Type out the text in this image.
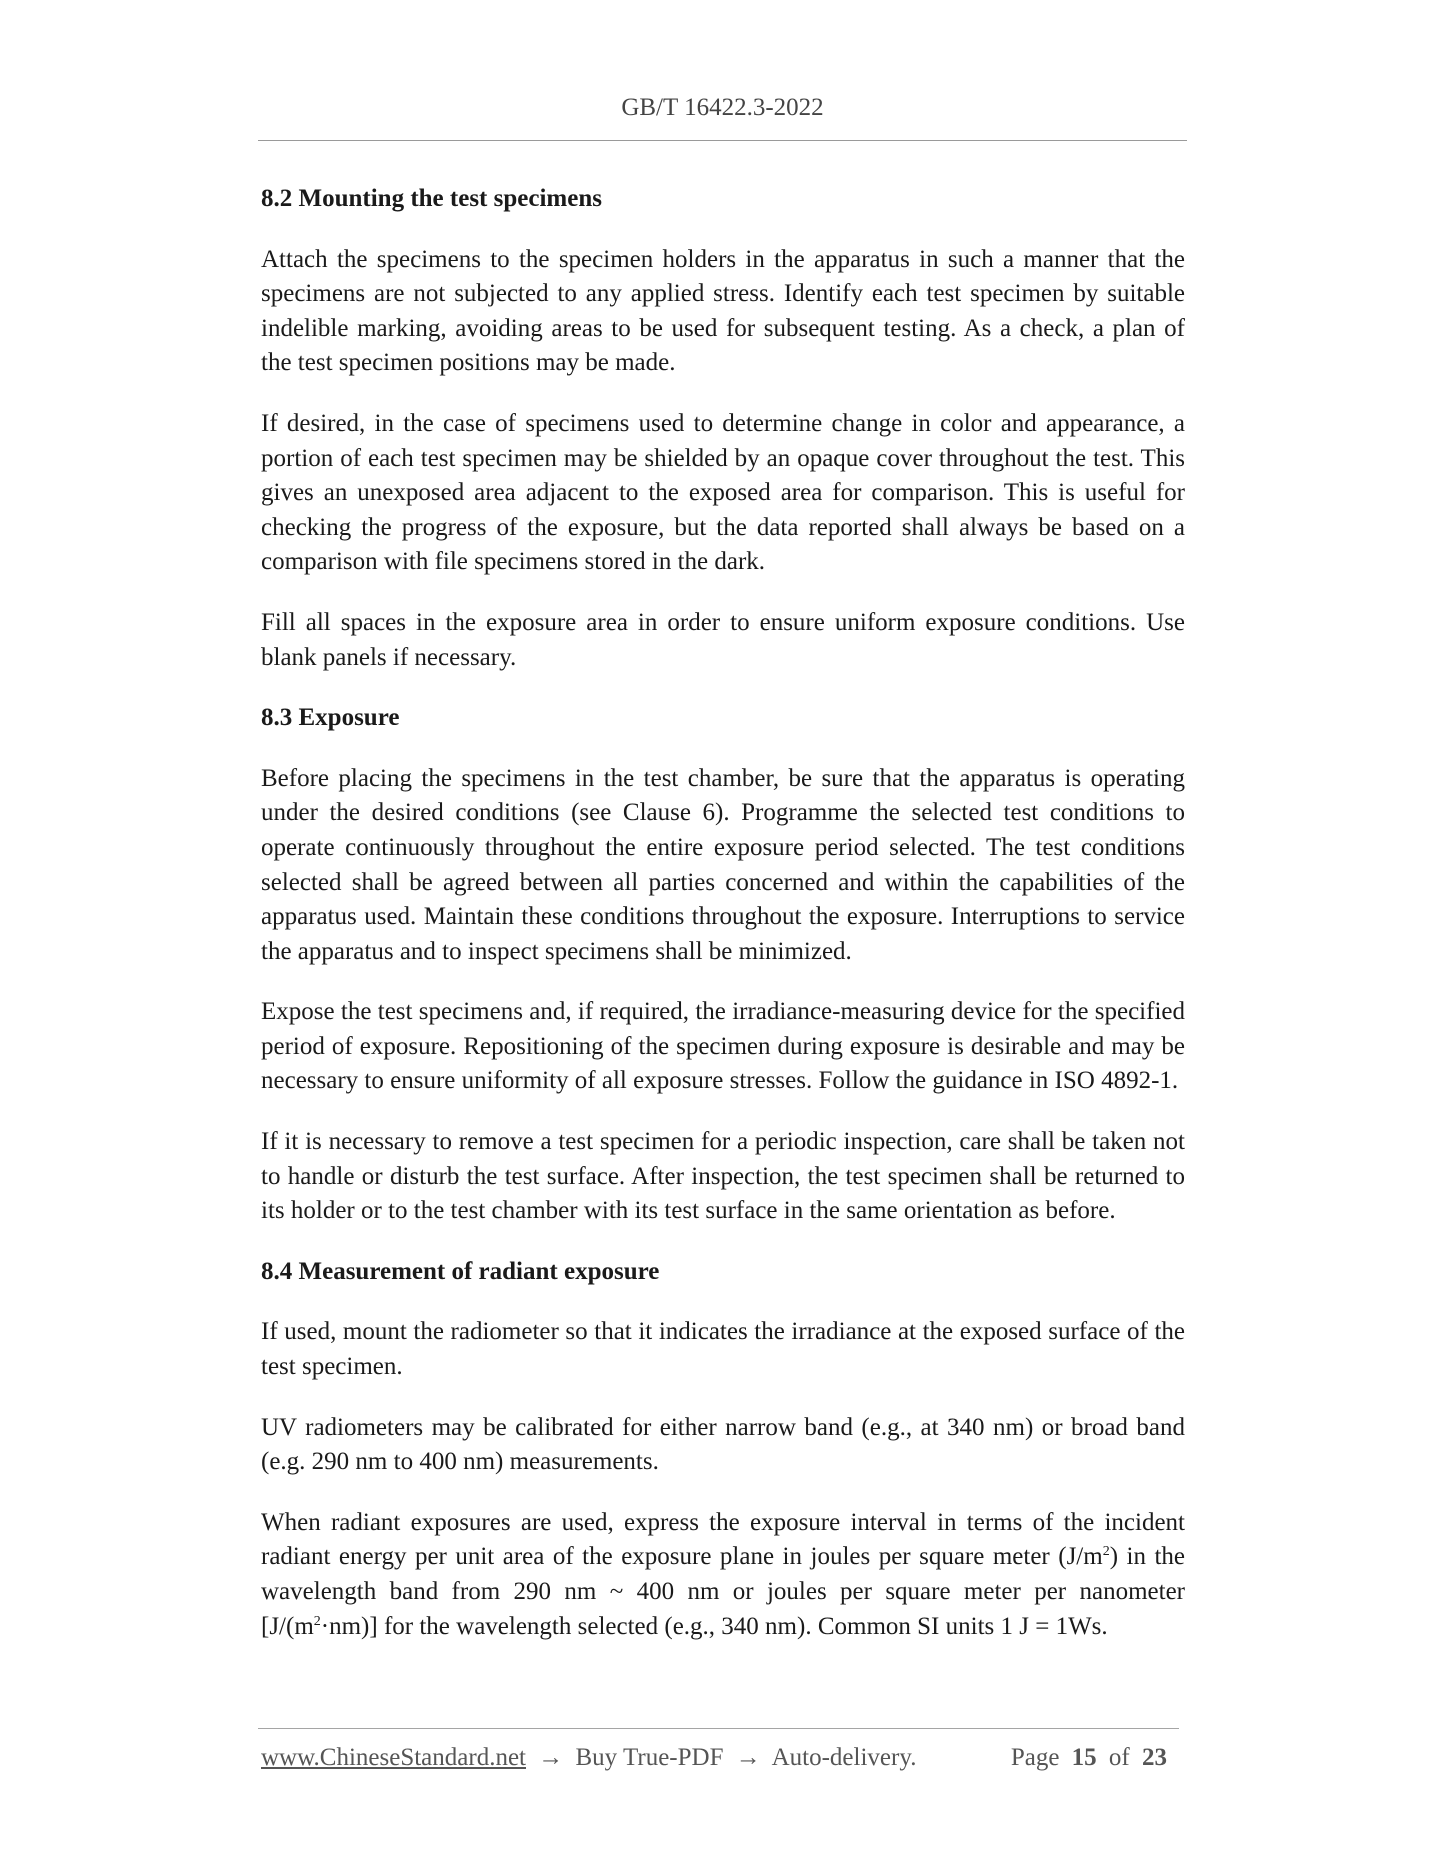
GB/T 16422.3-2022
8.2 Mounting the test specimens

Attach the specimens to the specimen holders in the apparatus in such a manner that the specimens are not subjected to any applied stress. Identify each test specimen by suitable indelible marking, avoiding areas to be used for subsequent testing. As a check, a plan of the test specimen positions may be made.

If desired, in the case of specimens used to determine change in color and appearance, a portion of each test specimen may be shielded by an opaque cover throughout the test. This gives an unexposed area adjacent to the exposed area for comparison. This is useful for checking the progress of the exposure, but the data reported shall always be based on a comparison with file specimens stored in the dark.

Fill all spaces in the exposure area in order to ensure uniform exposure conditions. Use blank panels if necessary.

8.3 Exposure

Before placing the specimens in the test chamber, be sure that the apparatus is operating under the desired conditions (see Clause 6). Programme the selected test conditions to operate continuously throughout the entire exposure period selected. The test conditions selected shall be agreed between all parties concerned and within the capabilities of the apparatus used. Maintain these conditions throughout the exposure. Interruptions to service the apparatus and to inspect specimens shall be minimized.

Expose the test specimens and, if required, the irradiance-measuring device for the specified period of exposure. Repositioning of the specimen during exposure is desirable and may be necessary to ensure uniformity of all exposure stresses. Follow the guidance in ISO 4892-1.

If it is necessary to remove a test specimen for a periodic inspection, care shall be taken not to handle or disturb the test surface. After inspection, the test specimen shall be returned to its holder or to the test chamber with its test surface in the same orientation as before.

8.4 Measurement of radiant exposure

If used, mount the radiometer so that it indicates the irradiance at the exposed surface of the test specimen.

UV radiometers may be calibrated for either narrow band (e.g., at 340 nm) or broad band (e.g. 290 nm to 400 nm) measurements.

When radiant exposures are used, express the exposure interval in terms of the incident radiant energy per unit area of the exposure plane in joules per square meter $(J/m^2)$ in the wavelength band from 290 nm ~ 400 nm or joules per square meter per nanometer $[J/(m^2\cdot nm)]$ for the wavelength selected (e.g., 340 nm). Common SI units 1 J = 1Ws.

www.ChineseStandard.net → Buy True-PDF → Auto-delivery.	Page 15 of 23
